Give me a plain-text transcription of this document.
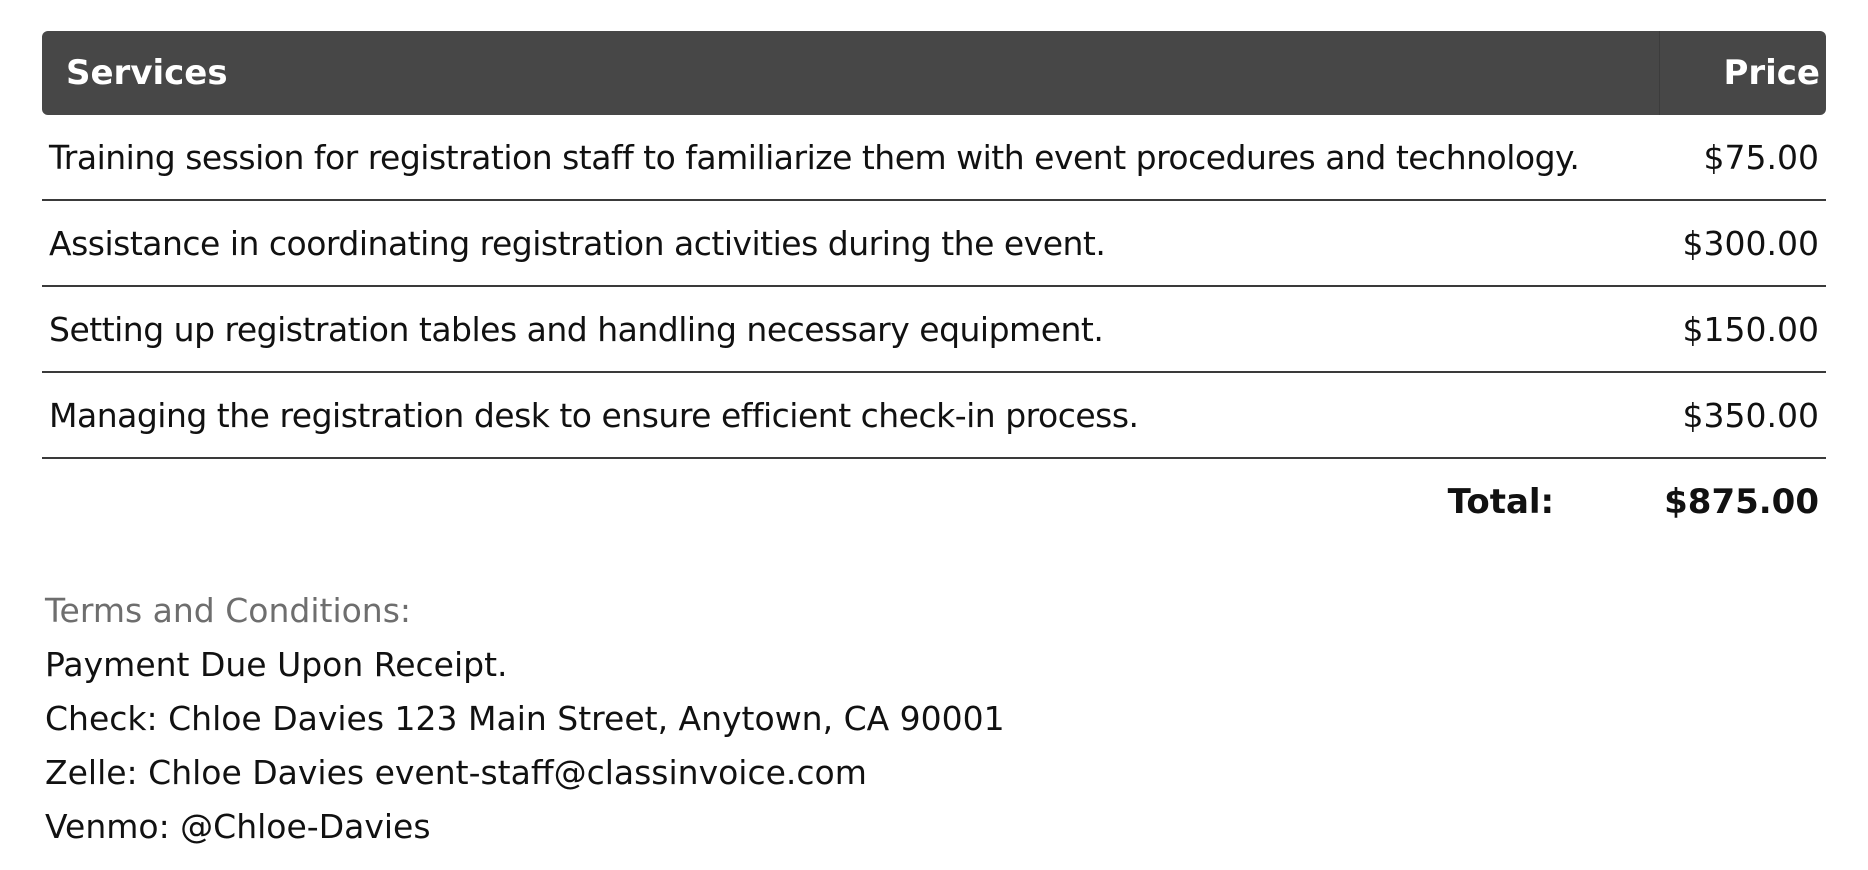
Services	Price
Training session for registration staff to familiarize them with event procedures and technology.	$75.00
Assistance in coordinating registration activities during the event.	$300.00
Setting up registration tables and handling necessary equipment.	$150.00
Managing the registration desk to ensure efficient check-in process.	$350.00
Total:	$875.00
Terms and Conditions:
Payment Due Upon Receipt.
Check: Chloe Davies 123 Main Street, Anytown, CA 90001
Zelle: Chloe Davies event-staff@classinvoice.com
Venmo: @Chloe-Davies
